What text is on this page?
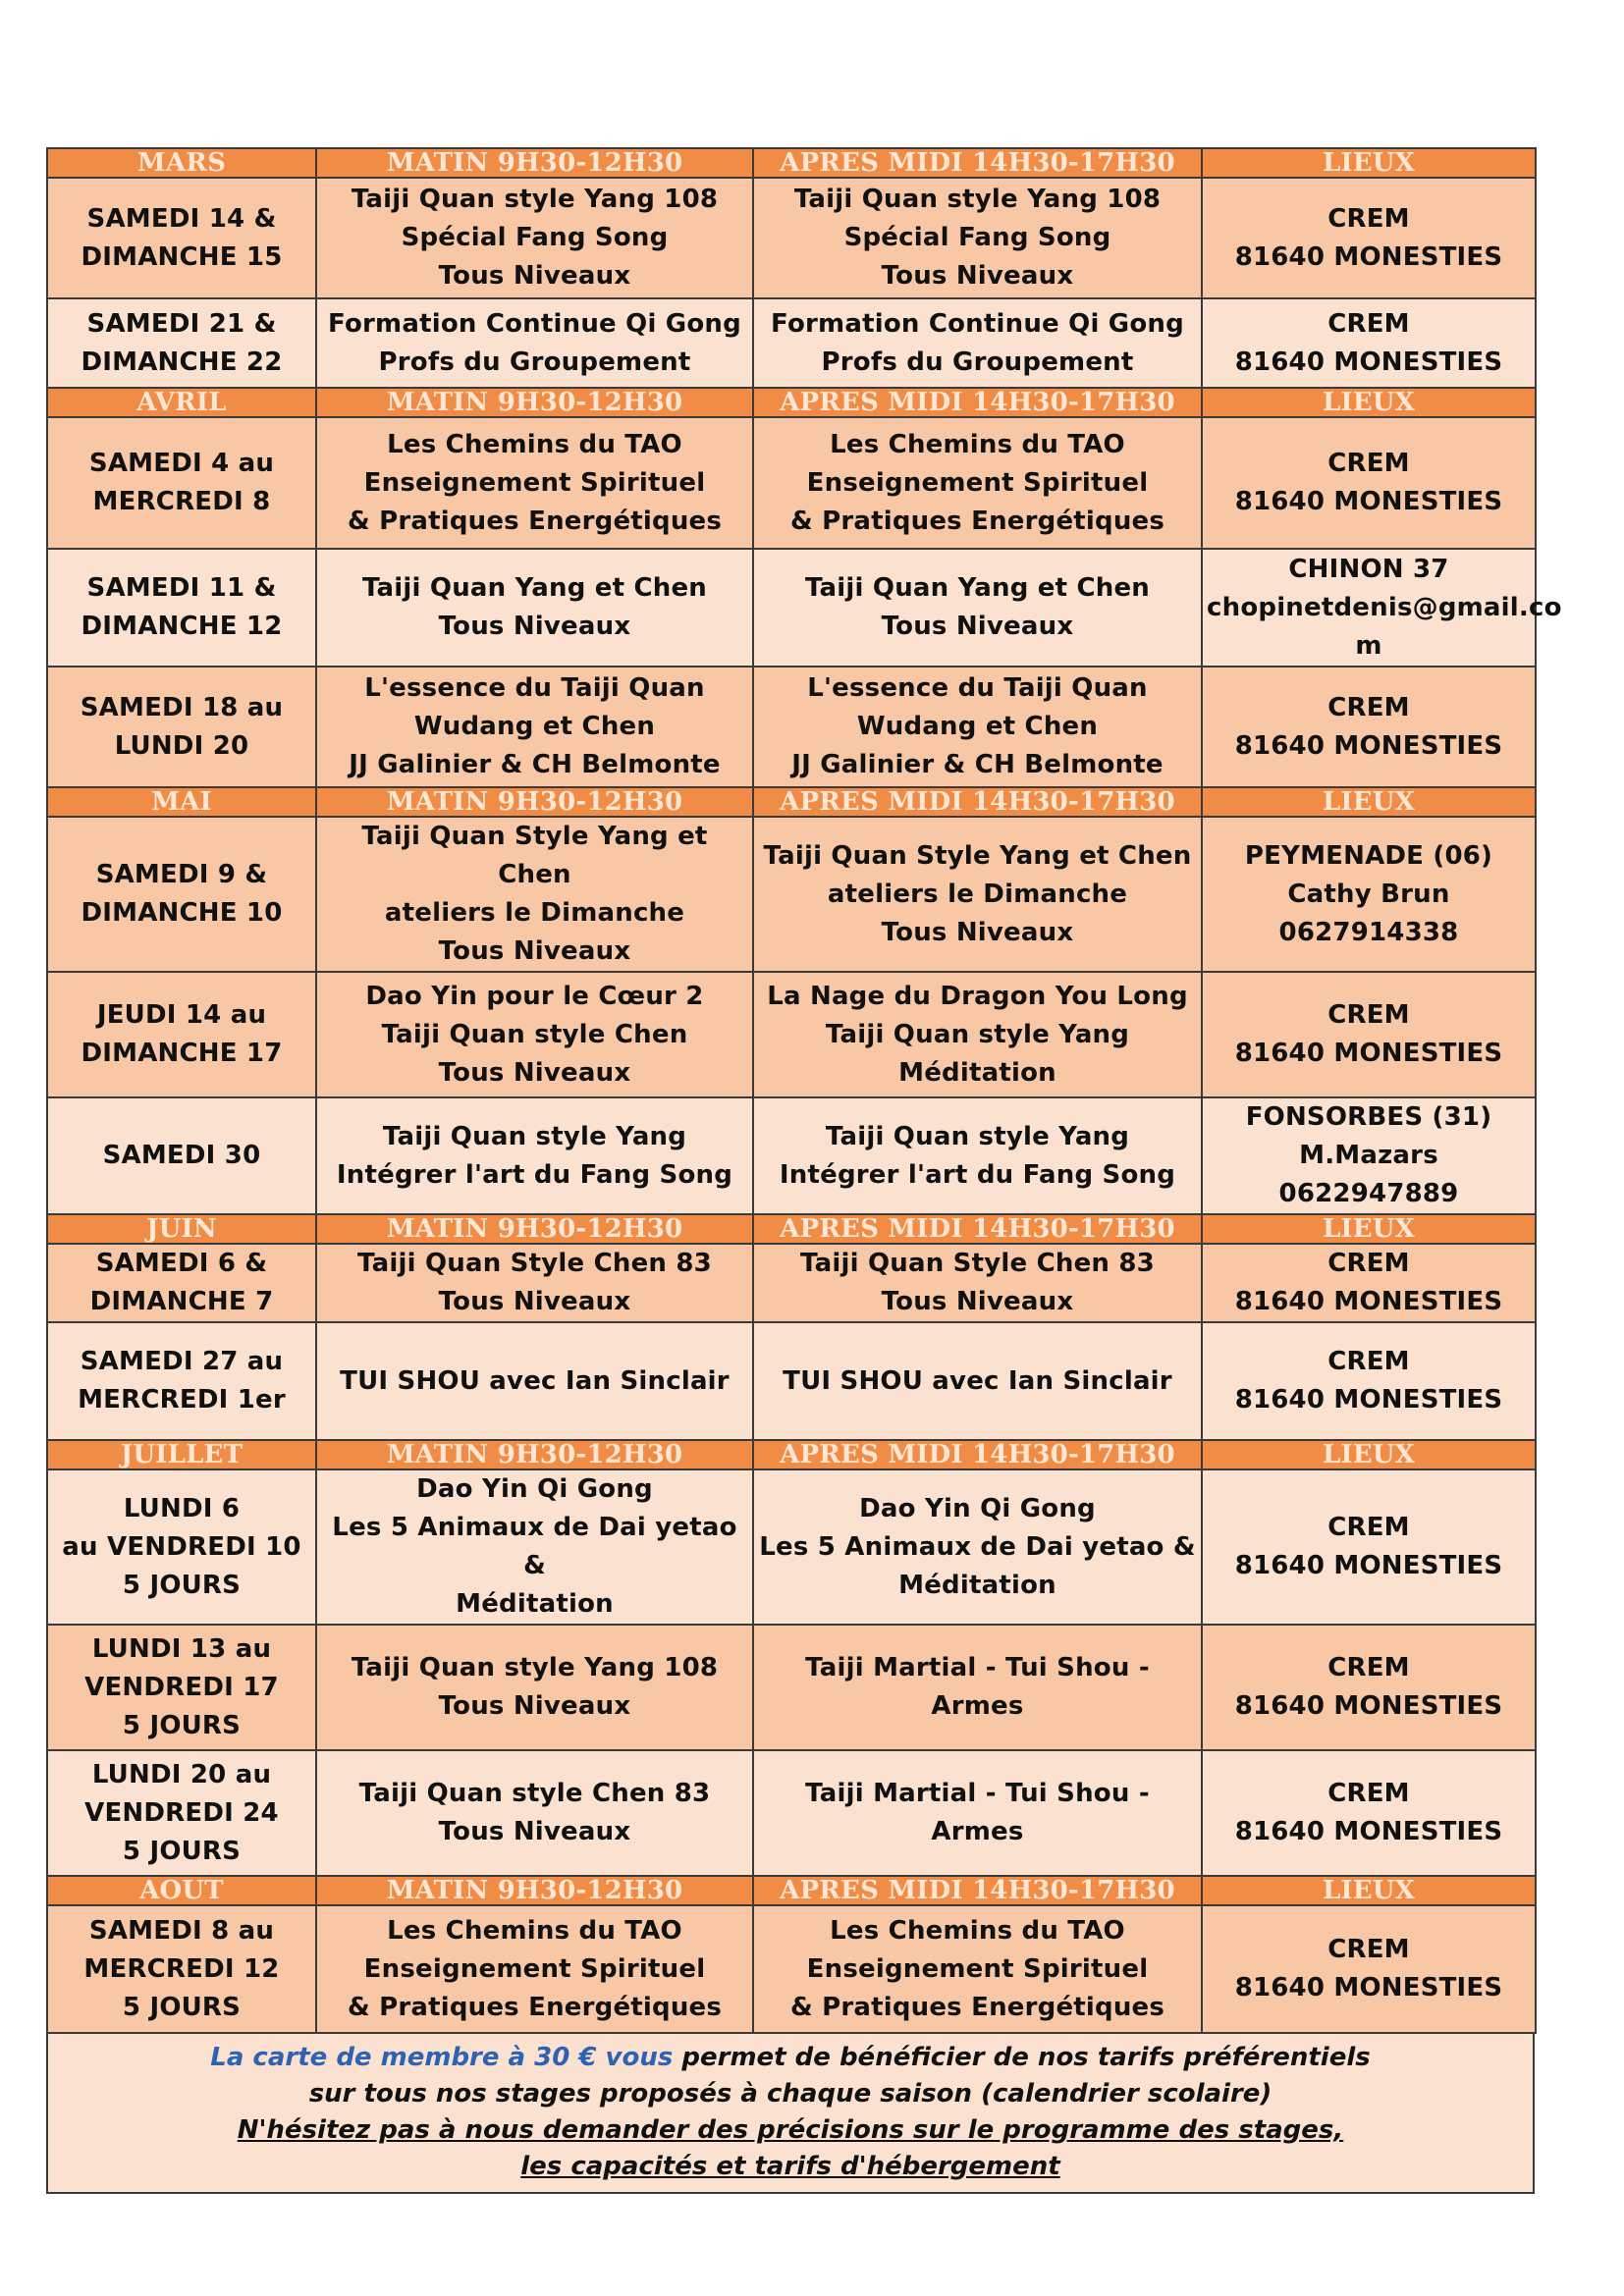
MARS	MATIN 9H30-12H30	APRES MIDI 14H30-17H30	LIEUX

SAMEDI 14 &
DIMANCHE 15	Taiji Quan style Yang 108
Spécial Fang Song
Tous Niveaux	Taiji Quan style Yang 108
Spécial Fang Song
Tous Niveaux	CREM
81640 MONESTIES

SAMEDI 21 &
DIMANCHE 22	Formation Continue Qi Gong
Profs du Groupement	Formation Continue Qi Gong
Profs du Groupement	CREM
81640 MONESTIES

AVRIL	MATIN 9H30-12H30	APRES MIDI 14H30-17H30	LIEUX

SAMEDI 4 au
MERCREDI 8	Les Chemins du TAO
Enseignement Spirituel
& Pratiques Energétiques	Les Chemins du TAO
Enseignement Spirituel
& Pratiques Energétiques	CREM
81640 MONESTIES

SAMEDI 11 &
DIMANCHE 12	Taiji Quan Yang et Chen
Tous Niveaux	Taiji Quan Yang et Chen
Tous Niveaux	CHINON 37
chopinetdenis@gmail.co
m

SAMEDI 18 au
LUNDI 20	L'essence du Taiji Quan
Wudang et Chen
JJ Galinier & CH Belmonte	L'essence du Taiji Quan
Wudang et Chen
JJ Galinier & CH Belmonte	CREM
81640 MONESTIES

MAI	MATIN 9H30-12H30	APRES MIDI 14H30-17H30	LIEUX

SAMEDI 9 &
DIMANCHE 10	Taiji Quan Style Yang et Chen
ateliers le Dimanche
Tous Niveaux	Taiji Quan Style Yang et Chen
ateliers le Dimanche
Tous Niveaux	PEYMENADE (06)
Cathy Brun 0627914338

JEUDI 14 au
DIMANCHE 17	Dao Yin pour le Cœur 2
Taiji Quan style Chen
Tous Niveaux	La Nage du Dragon You Long
Taiji Quan style Yang
Méditation	CREM
81640 MONESTIES

SAMEDI 30	Taiji Quan style Yang
Intégrer l'art du Fang Song	Taiji Quan style Yang
Intégrer l'art du Fang Song	FONSORBES (31)
M.Mazars 0622947889

JUIN	MATIN 9H30-12H30	APRES MIDI 14H30-17H30	LIEUX

SAMEDI 6 &
DIMANCHE 7	Taiji Quan Style Chen 83
Tous Niveaux	Taiji Quan Style Chen 83
Tous Niveaux	CREM
81640 MONESTIES

SAMEDI 27 au
MERCREDI 1er	TUI SHOU avec Ian Sinclair	TUI SHOU avec Ian Sinclair	CREM
81640 MONESTIES

JUILLET	MATIN 9H30-12H30	APRES MIDI 14H30-17H30	LIEUX

LUNDI 6
au VENDREDI 10
5 JOURS	Dao Yin Qi Gong
Les 5 Animaux de Dai yetao &
Méditation	Dao Yin Qi Gong
Les 5 Animaux de Dai yetao &
Méditation	CREM
81640 MONESTIES

LUNDI 13 au
VENDREDI 17
5 JOURS	Taiji Quan style Yang 108
Tous Niveaux	Taiji Martial - Tui Shou - Armes	CREM
81640 MONESTIES

LUNDI 20 au
VENDREDI 24
5 JOURS	Taiji Quan style Chen 83
Tous Niveaux	Taiji Martial - Tui Shou - Armes	CREM
81640 MONESTIES

AOUT	MATIN 9H30-12H30	APRES MIDI 14H30-17H30	LIEUX

SAMEDI 8 au
MERCREDI 12
5 JOURS	Les Chemins du TAO
Enseignement Spirituel
& Pratiques Energétiques	Les Chemins du TAO
Enseignement Spirituel
& Pratiques Energétiques	CREM
81640 MONESTIES
La carte de membre à 30 € vous permet de bénéficier de nos tarifs préférentiels
sur tous nos stages proposés à chaque saison (calendrier scolaire)
N'hésitez pas à nous demander des précisions sur le programme des stages,
les capacités et tarifs d'hébergement
